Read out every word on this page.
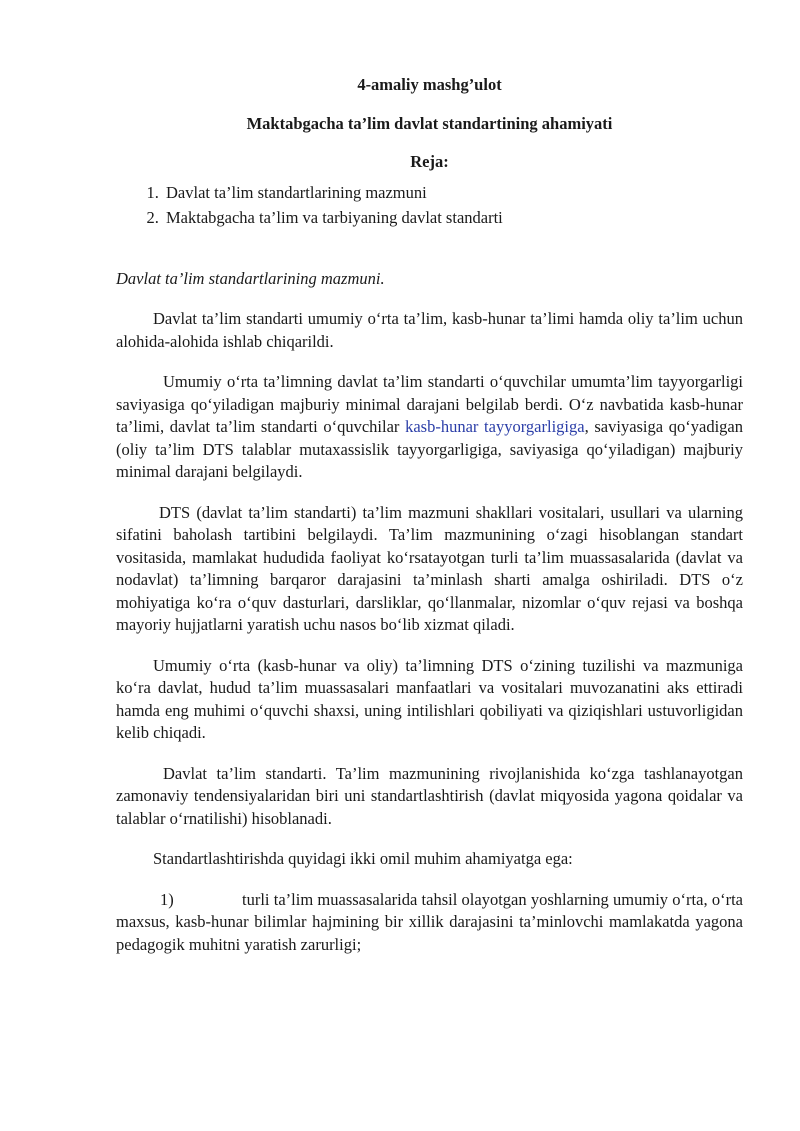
4-amaliy mashg’ulot

Maktabgacha ta’lim davlat standartining ahamiyati

Reja:

1. Davlat ta’lim standartlarining mazmuni
2. Maktabgacha ta’lim va tarbiyaning davlat standarti

Davlat ta’lim standartlarining mazmuni.

Davlat ta’lim standarti umumiy o‘rta ta’lim, kasb-hunar ta’limi hamda oliy ta’lim uchun alohida-alohida ishlab chiqarildi.

Umumiy o‘rta ta’limning davlat ta’lim standarti o‘quvchilar umumta’lim tayyorgarligi saviyasiga qo‘yiladigan majburiy minimal darajani belgilab berdi. O‘z navbatida kasb-hunar ta’limi, davlat ta’lim standarti o‘quvchilar kasb-hunar tayyorgarligiga, saviyasiga qo‘yadigan (oliy ta’lim DTS talablar mutaxassislik tayyorgarligiga, saviyasiga qo‘yiladigan) majburiy minimal darajani belgilaydi.

DTS (davlat ta’lim standarti) ta’lim mazmuni shakllari vositalari, usullari va ularning sifatini baholash tartibini belgilaydi. Ta’lim mazmunining o‘zagi hisoblangan standart vositasida, mamlakat hududida faoliyat ko‘rsatayotgan turli ta’lim muassasalarida (davlat va nodavlat) ta’limning barqaror darajasini ta’minlash sharti amalga oshiriladi. DTS o‘z mohiyatiga ko‘ra o‘quv dasturlari, darsliklar, qo‘llanmalar, nizomlar o‘quv rejasi va boshqa mayoriy hujjatlarni yaratish uchu nasos bo‘lib xizmat qiladi.

Umumiy o‘rta (kasb-hunar va oliy) ta’limning DTS o‘zining tuzilishi va mazmuniga ko‘ra davlat, hudud ta’lim muassasalari manfaatlari va vositalari muvozanatini aks ettiradi hamda eng muhimi o‘quvchi shaxsi, uning intilishlari qobiliyati va qiziqishlari ustuvorligidan kelib chiqadi.

Davlat ta’lim standarti. Ta’lim mazmunining rivojlanishida ko‘zga tashlanayotgan zamonaviy tendensiyalaridan biri uni standartlashtirish (davlat miqyosida yagona qoidalar va talablar o‘rnatilishi) hisoblanadi.

Standartlashtirishda quyidagi ikki omil muhim ahamiyatga ega:

1)	turli ta’lim muassasalarida tahsil olayotgan yoshlarning umumiy o‘rta, o‘rta maxsus, kasb-hunar bilimlar hajmining bir xillik darajasini ta’minlovchi mamlakatda yagona pedagogik muhitni yaratish zarurligi;
